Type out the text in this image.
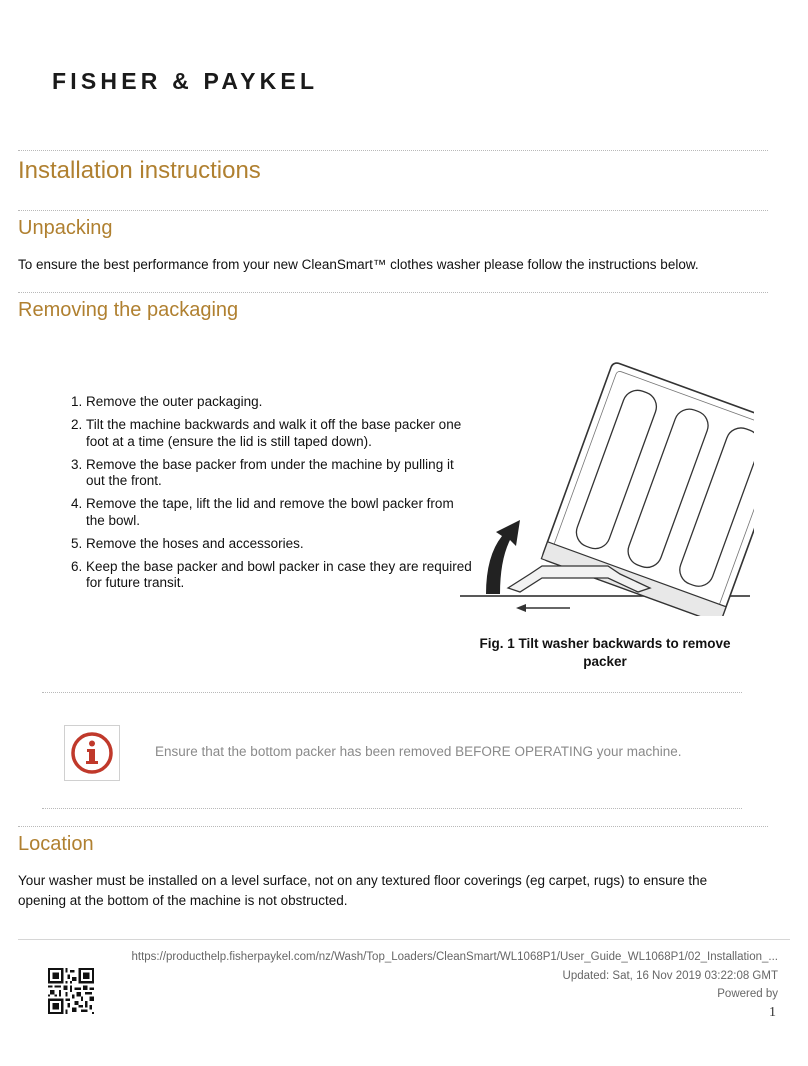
FISHER & PAYKEL
Installation instructions
Unpacking
To ensure the best performance from your new CleanSmart™ clothes washer please follow the instructions below.
Removing the packaging
1. Remove the outer packaging.
2. Tilt the machine backwards and walk it off the base packer one foot at a time (ensure the lid is still taped down).
3. Remove the base packer from under the machine by pulling it out the front.
4. Remove the tape, lift the lid and remove the bowl packer from the bowl.
5. Remove the hoses and accessories.
6. Keep the base packer and bowl packer in case they are required for future transit.
Fig. 1 Tilt washer backwards to remove packer
Ensure that the bottom packer has been removed BEFORE OPERATING your machine.
Location
Your washer must be installed on a level surface, not on any textured floor coverings (eg carpet, rugs) to ensure the opening at the bottom of the machine is not obstructed.
https://producthelp.fisherpaykel.com/nz/Wash/Top_Loaders/CleanSmart/WL1068P1/User_Guide_WL1068P1/02_Installation_...
Updated: Sat, 16 Nov 2019 03:22:08 GMT
Powered by
1
